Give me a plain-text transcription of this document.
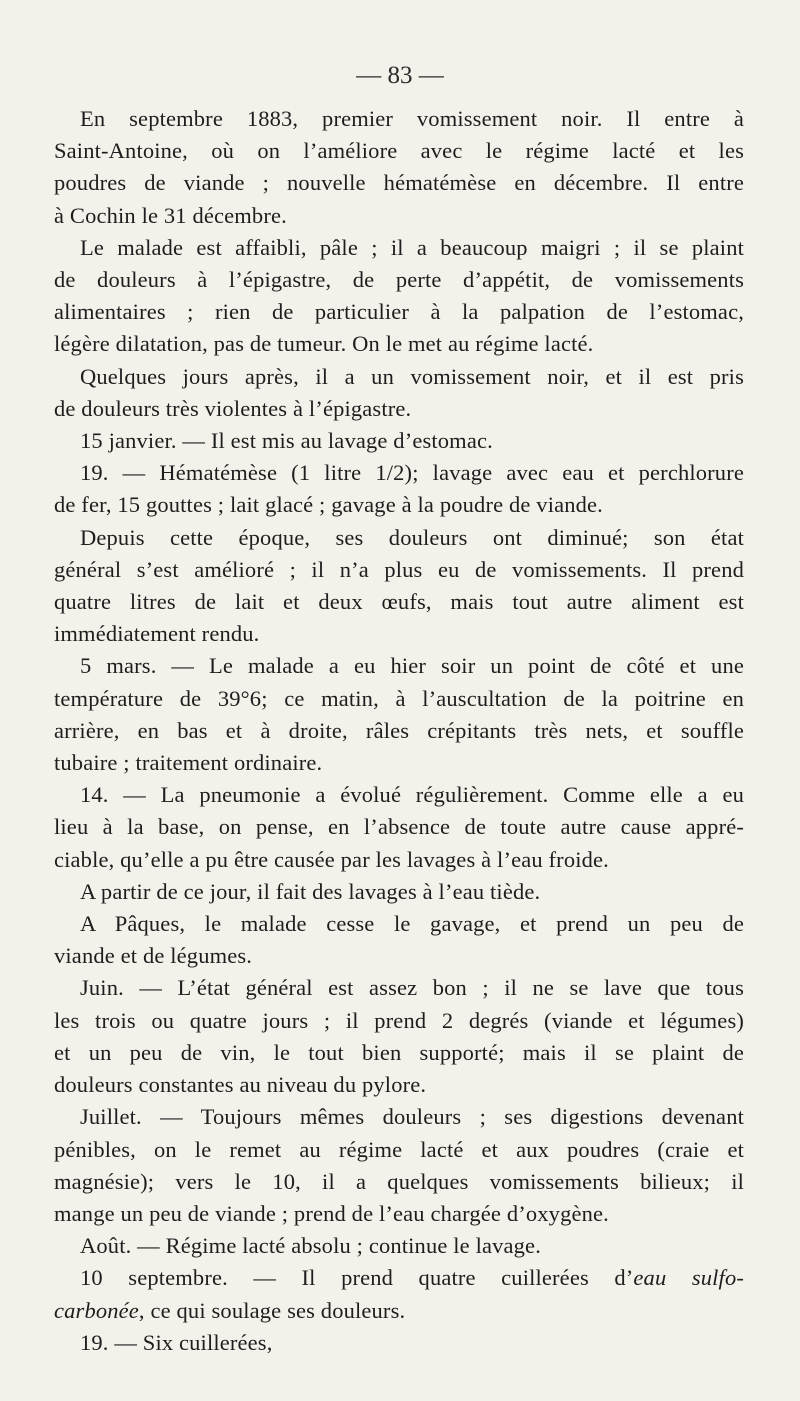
— 83 —

En septembre 1883, premier vomissement noir. Il entre à
Saint-Antoine, où on l’améliore avec le régime lacté et les
poudres de viande ; nouvelle hématémèse en décembre. Il entre
à Cochin le 31 décembre.

Le malade est affaibli, pâle ; il a beaucoup maigri ; il se plaint
de douleurs à l’épigastre, de perte d’appétit, de vomissements
alimentaires ; rien de particulier à la palpation de l’estomac,
légère dilatation, pas de tumeur. On le met au régime lacté.

Quelques jours après, il a un vomissement noir, et il est pris
de douleurs très violentes à l’épigastre.

15 janvier. — Il est mis au lavage d’estomac.

19. — Hématémèse (1 litre 1/2); lavage avec eau et perchlorure
de fer, 15 gouttes ; lait glacé ; gavage à la poudre de viande.

Depuis cette époque, ses douleurs ont diminué; son état
général s’est amélioré ; il n’a plus eu de vomissements. Il prend
quatre litres de lait et deux œufs, mais tout autre aliment est
immédiatement rendu.

5 mars. — Le malade a eu hier soir un point de côté et une
température de 39°6; ce matin, à l’auscultation de la poitrine en
arrière, en bas et à droite, râles crépitants très nets, et souffle
tubaire ; traitement ordinaire.

14. — La pneumonie a évolué régulièrement. Comme elle a eu
lieu à la base, on pense, en l’absence de toute autre cause appré-
ciable, qu’elle a pu être causée par les lavages à l’eau froide.

A partir de ce jour, il fait des lavages à l’eau tiède.

A Pâques, le malade cesse le gavage, et prend un peu de
viande et de légumes.

Juin. — L’état général est assez bon ; il ne se lave que tous
les trois ou quatre jours ; il prend 2 degrés (viande et légumes)
et un peu de vin, le tout bien supporté; mais il se plaint de
douleurs constantes au niveau du pylore.

Juillet. — Toujours mêmes douleurs ; ses digestions devenant
pénibles, on le remet au régime lacté et aux poudres (craie et
magnésie); vers le 10, il a quelques vomissements bilieux; il
mange un peu de viande ; prend de l’eau chargée d’oxygène.

Août. — Régime lacté absolu ; continue le lavage.

10 septembre. — Il prend quatre cuillerées d’eau sulfo-
carbonée, ce qui soulage ses douleurs.

19. — Six cuillerées,
